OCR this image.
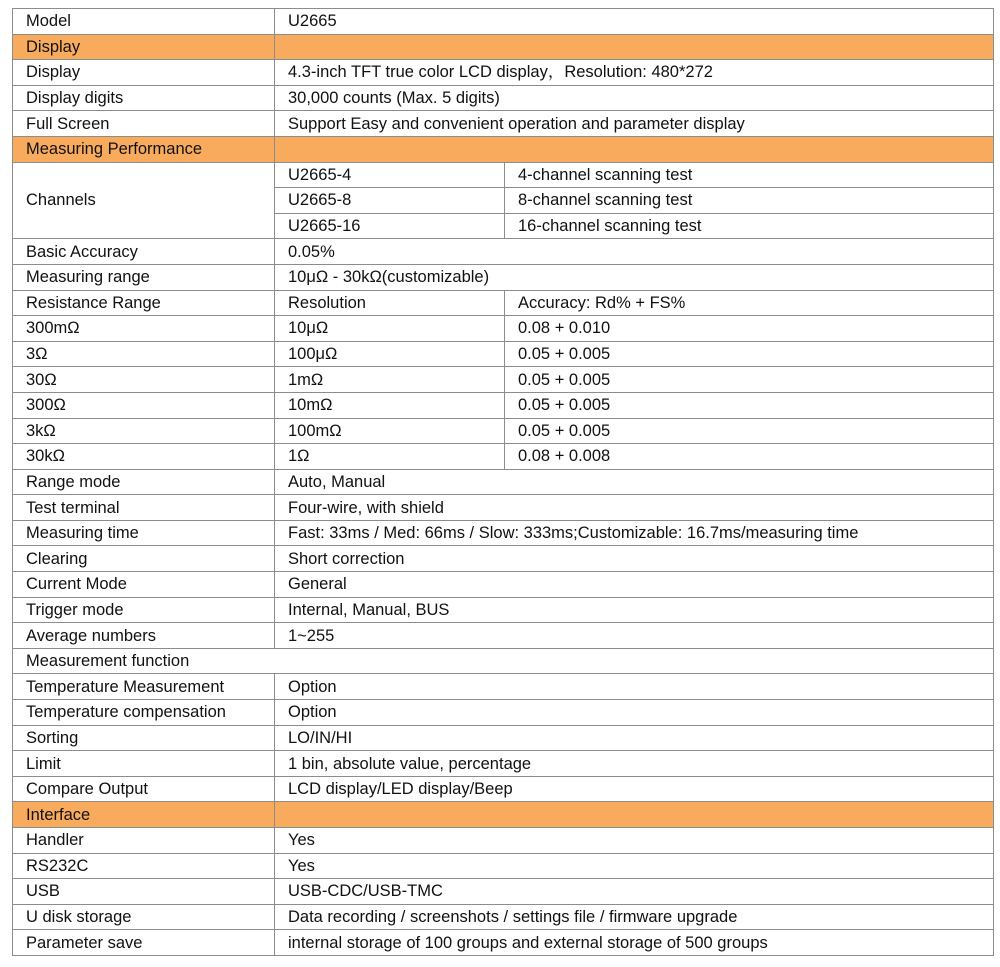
Model	U2665	
Display		
Display	4.3-inch TFT true color LCD display，Resolution: 480*272	
Display digits	30,000 counts (Max. 5 digits)	
Full Screen	Support Easy and convenient operation and parameter display	
Measuring Performance		
Channels	U2665-4	4-channel scanning test
	U2665-8	8-channel scanning test
	U2665-16	16-channel scanning test
Basic Accuracy	0.05%	
Measuring range	10μΩ - 30kΩ(customizable)	
Resistance Range	Resolution	Accuracy: Rd% + FS%
300mΩ	10μΩ	0.08 + 0.010
3Ω	100μΩ	0.05 + 0.005
30Ω	1mΩ	0.05 + 0.005
300Ω	10mΩ	0.05 + 0.005
3kΩ	100mΩ	0.05 + 0.005
30kΩ	1Ω	0.08 + 0.008
Range mode	Auto, Manual	
Test terminal	Four-wire, with shield	
Measuring time	Fast: 33ms / Med: 66ms / Slow: 333ms;Customizable: 16.7ms/measuring time	
Clearing	Short correction	
Current Mode	General	
Trigger mode	Internal, Manual, BUS	
Average numbers	1~255	
Measurement function		
Temperature Measurement	Option	
Temperature compensation	Option	
Sorting	LO/IN/HI	
Limit	1 bin, absolute value, percentage	
Compare Output	LCD display/LED display/Beep	
Interface		
Handler	Yes	
RS232C	Yes	
USB	USB-CDC/USB-TMC	
U disk storage	Data recording / screenshots / settings file / firmware upgrade	
Parameter save	internal storage of 100 groups and external storage of 500 groups	
